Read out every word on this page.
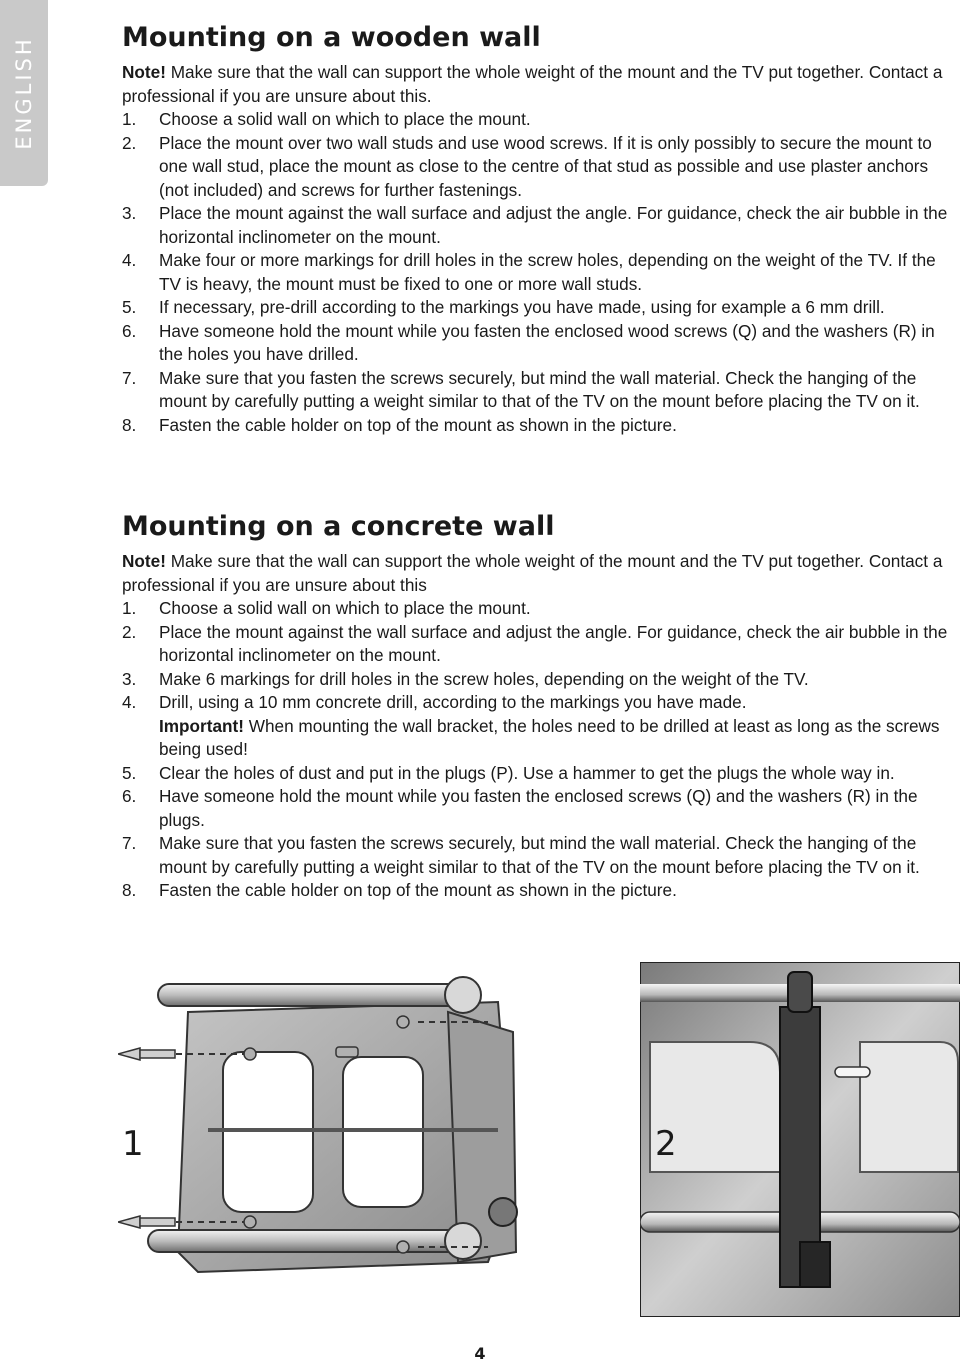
ENGLISH	Mounting on a wooden wall
Note! Make sure that the wall can support the whole weight of the mount and the TV put together. Contact a professional if you are unsure about this.
1. Choose a solid wall on which to place the mount.
2. Place the mount over two wall studs and use wood screws. If it is only possibly to secure the mount to one wall stud, place the mount as close to the centre of that stud as possible and use plaster anchors (not included) and screws for further fastenings.
3. Place the mount against the wall surface and adjust the angle. For guidance, check the air bubble in the horizontal inclinometer on the mount.
4. Make four or more markings for drill holes in the screw holes, depending on the weight of the TV. If the TV is heavy, the mount must be fixed to one or more wall studs.
5. If necessary, pre-drill according to the markings you have made, using for example a 6 mm drill.
6. Have someone hold the mount while you fasten the enclosed wood screws (Q) and the washers (R) in the holes you have drilled.
7. Make sure that you fasten the screws securely, but mind the wall material. Check the hanging of the mount by carefully putting a weight similar to that of the TV on the mount before placing the TV on it.
8. Fasten the cable holder on top of the mount as shown in the picture.
Mounting on a concrete wall
Note! Make sure that the wall can support the whole weight of the mount and the TV put together. Contact a professional if you are unsure about this
1. Choose a solid wall on which to place the mount.
2. Place the mount against the wall surface and adjust the angle. For guidance, check the air bubble in the horizontal inclinometer on the mount.
3. Make 6 markings for drill holes in the screw holes, depending on the weight of the TV.
4. Drill, using a 10 mm concrete drill, according to the markings you have made.
Important! When mounting the wall bracket, the holes need to be drilled at least as long as the screws being used!
5. Clear the holes of dust and put in the plugs (P). Use a hammer to get the plugs the whole way in.
6. Have someone hold the mount while you fasten the enclosed screws (Q) and the washers (R) in the plugs.
7. Make sure that you fasten the screws securely, but mind the wall material. Check the hanging of the mount by carefully putting a weight similar to that of the TV on the mount before placing the TV on it.
8. Fasten the cable holder on top of the mount as shown in the picture.
1	2
4
